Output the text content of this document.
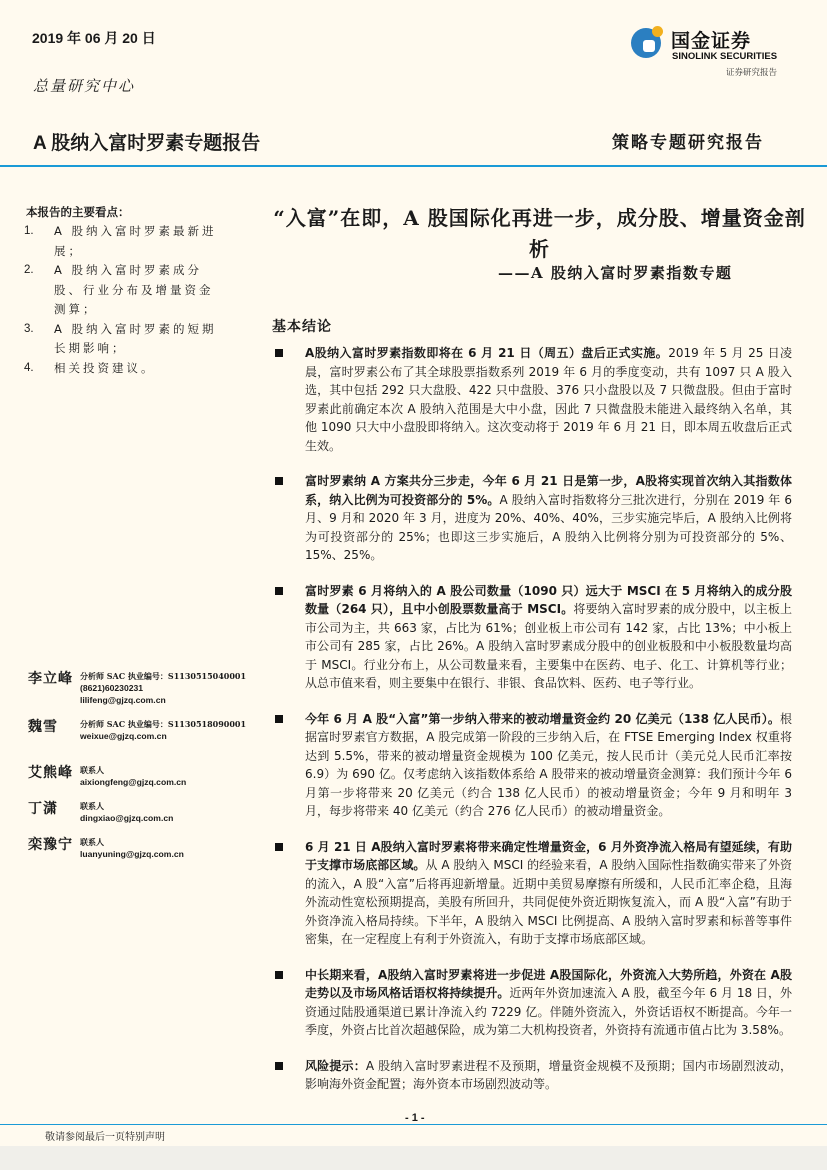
2019 年 06 月 20 日
总量研究中心
A 股纳入富时罗素专题报告
国金证券
SINOLINK SECURITIES
证券研究报告
策略专题研究报告
本报告的主要看点：
1.	A 股纳入富时罗素最新进展；
2.	A 股纳入富时罗素成分股、行业分布及增量资金测算；
3.	A 股纳入富时罗素的短期长期影响；
4.	相关投资建议。
“入富”在即，A 股国际化再进一步，成分股、增量资金剖析
——A 股纳入富时罗素指数专题
基本结论
A股纳入富时罗素指数即将在 6 月 21 日（周五）盘后正式实施。2019 年 5 月 25 日凌晨，富时罗素公布了其全球股票指数系列 2019 年 6 月的季度变动，共有 1097 只 A 股入选，其中包括 292 只大盘股、422 只中盘股、376 只小盘股以及 7 只微盘股。但由于富时罗素此前确定本次 A 股纳入范围是大中小盘，因此 7 只微盘股未能进入最终纳入名单，其他 1090 只大中小盘股即将纳入。这次变动将于 2019 年 6 月 21 日，即本周五收盘后正式生效。
富时罗素纳 A 方案共分三步走，今年 6 月 21 日是第一步，A股将实现首次纳入其指数体系，纳入比例为可投资部分的 5%。A 股纳入富时指数将分三批次进行，分别在 2019 年 6 月、9 月和 2020 年 3 月，进度为 20%、40%、40%，三步实施完毕后，A 股纳入比例将为可投资部分的 25%；也即这三步实施后，A 股纳入比例将分别为可投资部分的 5%、15%、25%。
富时罗素 6 月将纳入的 A 股公司数量（1090 只）远大于 MSCI 在 5 月将纳入的成分股数量（264 只），且中小创股票数量高于 MSCI。将要纳入富时罗素的成分股中，以主板上市公司为主，共 663 家，占比为 61%；创业板上市公司有 142 家，占比 13%；中小板上市公司有 285 家，占比 26%。A 股纳入富时罗素成分股中的创业板股和中小板股数量均高于 MSCI。行业分布上，从公司数量来看，主要集中在医药、电子、化工、计算机等行业；从总市值来看，则主要集中在银行、非银、食品饮料、医药、电子等行业。
今年 6 月 A 股“入富”第一步纳入带来的被动增量资金约 20 亿美元（138 亿人民币）。根据富时罗素官方数据，A 股完成第一阶段的三步纳入后，在 FTSE Emerging Index 权重将达到 5.5%，带来的被动增量资金规模为 100 亿美元，按人民币计（美元兑人民币汇率按 6.9）为 690 亿。仅考虑纳入该指数体系给 A 股带来的被动增量资金测算：我们预计今年 6 月第一步将带来 20 亿美元（约合 138 亿人民币）的被动增量资金；今年 9 月和明年 3 月，每步将带来 40 亿美元（约合 276 亿人民币）的被动增量资金。
6 月 21 日 A股纳入富时罗素将带来确定性增量资金，6 月外资净流入格局有望延续，有助于支撑市场底部区域。从 A 股纳入 MSCI 的经验来看，A 股纳入国际性指数确实带来了外资的流入，A 股“入富”后将再迎新增量。近期中美贸易摩擦有所缓和，人民币汇率企稳，且海外流动性宽松预期提高，美股有所回升，共同促使外资近期恢复流入，而 A 股“入富”有助于外资净流入格局持续。下半年，A 股纳入 MSCI 比例提高、A 股纳入富时罗素和标普等事件密集，在一定程度上有利于外资流入，有助于支撑市场底部区域。
中长期来看，A股纳入富时罗素将进一步促进 A股国际化，外资流入大势所趋，外资在 A股走势以及市场风格话语权将持续提升。近两年外资加速流入 A 股，截至今年 6 月 18 日，外资通过陆股通渠道已累计净流入约 7229 亿。伴随外资流入，外资话语权不断提高。今年一季度，外资占比首次超越保险，成为第二大机构投资者，外资持有流通市值占比为 3.58%。
风险提示：A 股纳入富时罗素进程不及预期，增量资金规模不及预期；国内市场剧烈波动，影响海外资金配置；海外资本市场剧烈波动等。
李立峰 分析师 SAC 执业编号：S1130515040001
(8621)60230231
lilifeng@gjzq.com.cn
魏雪	分析师 SAC 执业编号：S1130518090001
weixue@gjzq.com.cn
艾熊峰 联系人
aixiongfeng@gjzq.com.cn
丁潇	联系人
dingxiao@gjzq.com.cn
栾豫宁 联系人
luanyuning@gjzq.com.cn
- 1 -
敬请参阅最后一页特别声明
